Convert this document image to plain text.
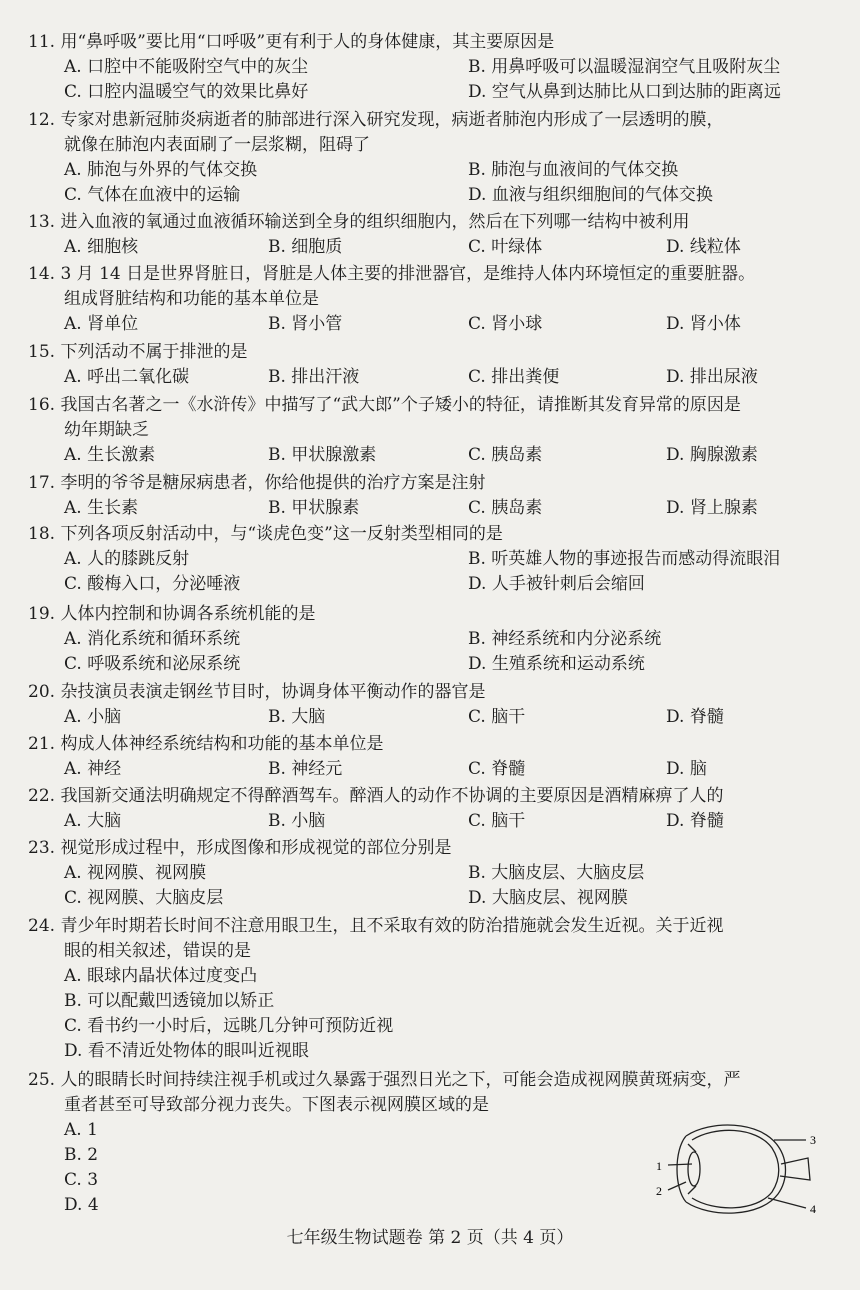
11. 用“鼻呼吸”要比用“口呼吸”更有利于人的身体健康，其主要原因是
A. 口腔中不能吸附空气中的灰尘	B. 用鼻呼吸可以温暖湿润空气且吸附灰尘
C. 口腔内温暖空气的效果比鼻好	D. 空气从鼻到达肺比从口到达肺的距离远
12. 专家对患新冠肺炎病逝者的肺部进行深入研究发现，病逝者肺泡内形成了一层透明的膜，
就像在肺泡内表面刷了一层浆糊，阻碍了
A. 肺泡与外界的气体交换	B. 肺泡与血液间的气体交换
C. 气体在血液中的运输	D. 血液与组织细胞间的气体交换
13. 进入血液的氧通过血液循环输送到全身的组织细胞内，然后在下列哪一结构中被利用
A. 细胞核	B. 细胞质	C. 叶绿体	D. 线粒体
14. 3 月 14 日是世界肾脏日，肾脏是人体主要的排泄器官，是维持人体内环境恒定的重要脏器。
组成肾脏结构和功能的基本单位是
A. 肾单位	B. 肾小管	C. 肾小球	D. 肾小体
15. 下列活动不属于排泄的是
A. 呼出二氧化碳	B. 排出汗液	C. 排出粪便	D. 排出尿液
16. 我国古名著之一《水浒传》中描写了“武大郎”个子矮小的特征，请推断其发育异常的原因是
幼年期缺乏
A. 生长激素	B. 甲状腺激素	C. 胰岛素	D. 胸腺激素
17. 李明的爷爷是糖尿病患者，你给他提供的治疗方案是注射
A. 生长素	B. 甲状腺素	C. 胰岛素	D. 肾上腺素
18. 下列各项反射活动中，与“谈虎色变”这一反射类型相同的是
A. 人的膝跳反射	B. 听英雄人物的事迹报告而感动得流眼泪
C. 酸梅入口，分泌唾液	D. 人手被针刺后会缩回
19. 人体内控制和协调各系统机能的是
A. 消化系统和循环系统	B. 神经系统和内分泌系统
C. 呼吸系统和泌尿系统	D. 生殖系统和运动系统
20. 杂技演员表演走钢丝节目时，协调身体平衡动作的器官是
A. 小脑	B. 大脑	C. 脑干	D. 脊髓
21. 构成人体神经系统结构和功能的基本单位是
A. 神经	B. 神经元	C. 脊髓	D. 脑
22. 我国新交通法明确规定不得醉酒驾车。醉酒人的动作不协调的主要原因是酒精麻痹了人的
A. 大脑	B. 小脑	C. 脑干	D. 脊髓
23. 视觉形成过程中，形成图像和形成视觉的部位分别是
A. 视网膜、视网膜	B. 大脑皮层、大脑皮层
C. 视网膜、大脑皮层	D. 大脑皮层、视网膜
24. 青少年时期若长时间不注意用眼卫生，且不采取有效的防治措施就会发生近视。关于近视
眼的相关叙述，错误的是
A. 眼球内晶状体过度变凸
B. 可以配戴凹透镜加以矫正
C. 看书约一小时后，远眺几分钟可预防近视
D. 看不清近处物体的眼叫近视眼
25. 人的眼睛长时间持续注视手机或过久暴露于强烈日光之下，可能会造成视网膜黄斑病变，严
重者甚至可导致部分视力丧失。下图表示视网膜区域的是
A. 1
B. 2
C. 3
D. 4
1
2
3
4
七年级生物试题卷 第 2 页（共 4 页）
